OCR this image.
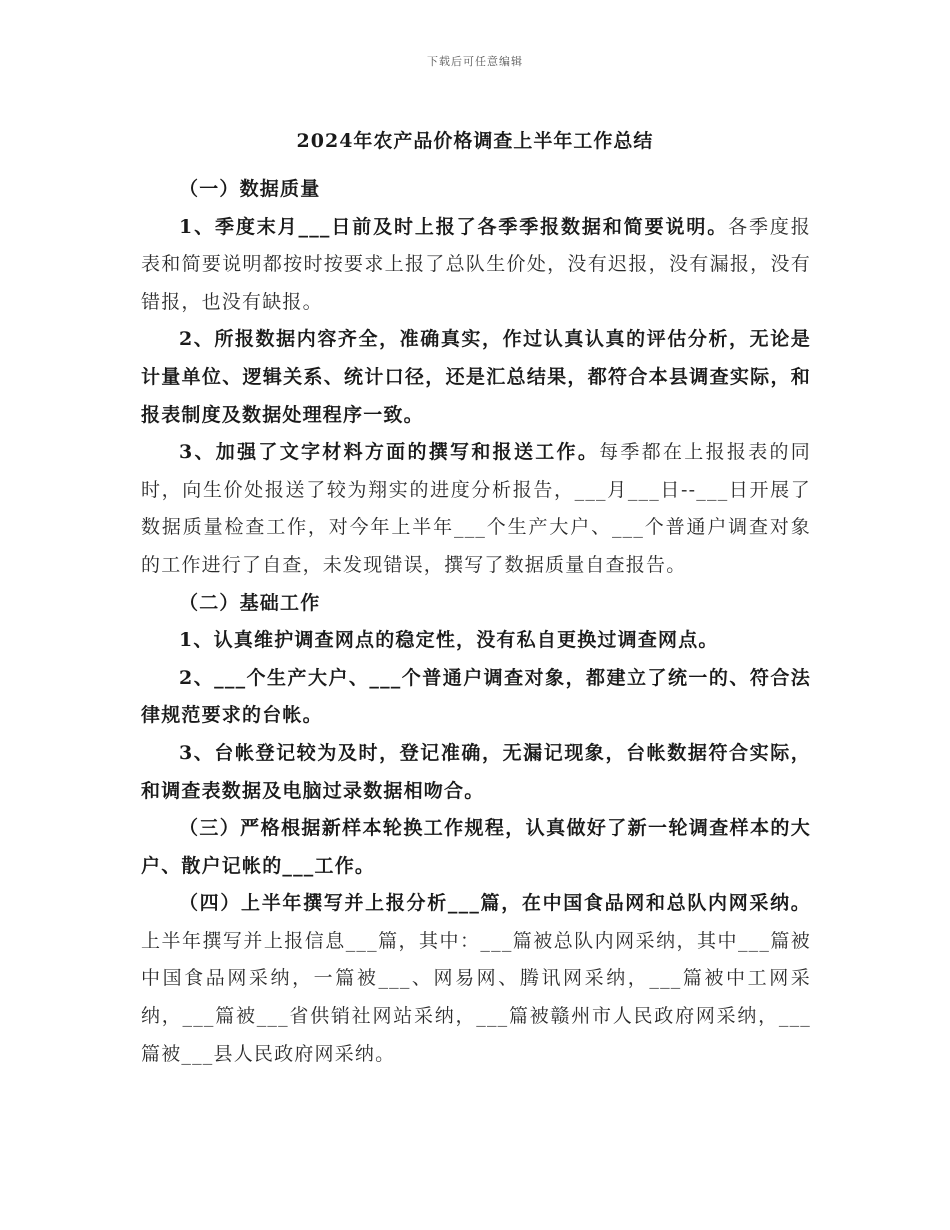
下载后可任意编辑
2024年农产品价格调查上半年工作总结

（一）数据质量

1、季度末月___日前及时上报了各季季报数据和简要说明。各季度报表和简要说明都按时按要求上报了总队生价处，没有迟报，没有漏报，没有错报，也没有缺报。

2、所报数据内容齐全，准确真实，作过认真认真的评估分析，无论是计量单位、逻辑关系、统计口径，还是汇总结果，都符合本县调查实际，和报表制度及数据处理程序一致。

3、加强了文字材料方面的撰写和报送工作。每季都在上报报表的同时，向生价处报送了较为翔实的进度分析报告，___月___日--___日开展了数据质量检查工作，对今年上半年___个生产大户、___个普通户调查对象的工作进行了自查，未发现错误，撰写了数据质量自查报告。

（二）基础工作

1、认真维护调查网点的稳定性，没有私自更换过调查网点。

2、___个生产大户、___个普通户调查对象，都建立了统一的、符合法律规范要求的台帐。

3、台帐登记较为及时，登记准确，无漏记现象，台帐数据符合实际，和调查表数据及电脑过录数据相吻合。

（三）严格根据新样本轮换工作规程，认真做好了新一轮调查样本的大户、散户记帐的___工作。

（四）上半年撰写并上报分析___篇，在中国食品网和总队内网采纳。上半年撰写并上报信息___篇，其中：___篇被总队内网采纳，其中___篇被中国食品网采纳，一篇被___、网易网、腾讯网采纳，___篇被中工网采纳，___篇被___省供销社网站采纳，___篇被赣州市人民政府网采纳，___篇被___县人民政府网采纳。
